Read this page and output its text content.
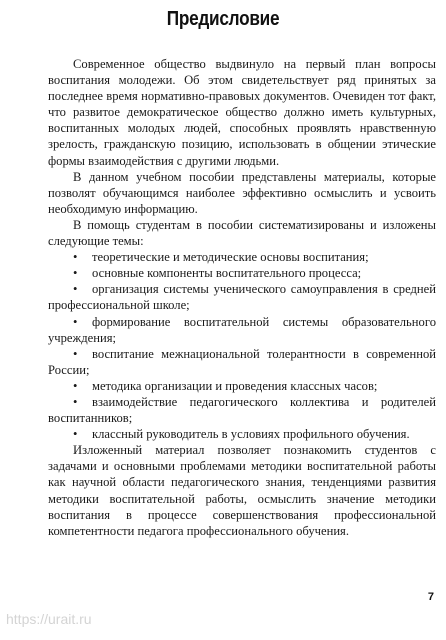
Предисловие

Современное общество выдвинуло на первый план вопросы воспитания молодежи. Об этом свидетельствует ряд принятых за последнее время нормативно-правовых документов. Очевиден тот факт, что развитое демократическое общество должно иметь культурных, воспитанных молодых людей, способных проявлять нравственную зрелость, гражданскую позицию, использовать в общении этические формы взаимодействия с другими людьми.

В данном учебном пособии представлены материалы, которые позволят обучающимся наиболее эффективно осмыслить и усвоить необходимую информацию.

В помощь студентам в пособии систематизированы и изложены следующие темы:

• теоретические и методические основы воспитания;
• основные компоненты воспитательного процесса;
• организация системы ученического самоуправления в средней профессиональной школе;
• формирование воспитательной системы образовательного учреждения;
• воспитание межнациональной толерантности в современной России;
• методика организации и проведения классных часов;
• взаимодействие педагогического коллектива и родителей воспитанников;
• классный руководитель в условиях профильного обучения.

Изложенный материал позволяет познакомить студентов с задачами и основными проблемами методики воспитательной работы как научной области педагогического знания, тенденциями развития методики воспитательной работы, осмыслить значение методики воспитания в процессе совершенствования профессиональной компетентности педагога профессионального обучения.

7
https://urait.ru
